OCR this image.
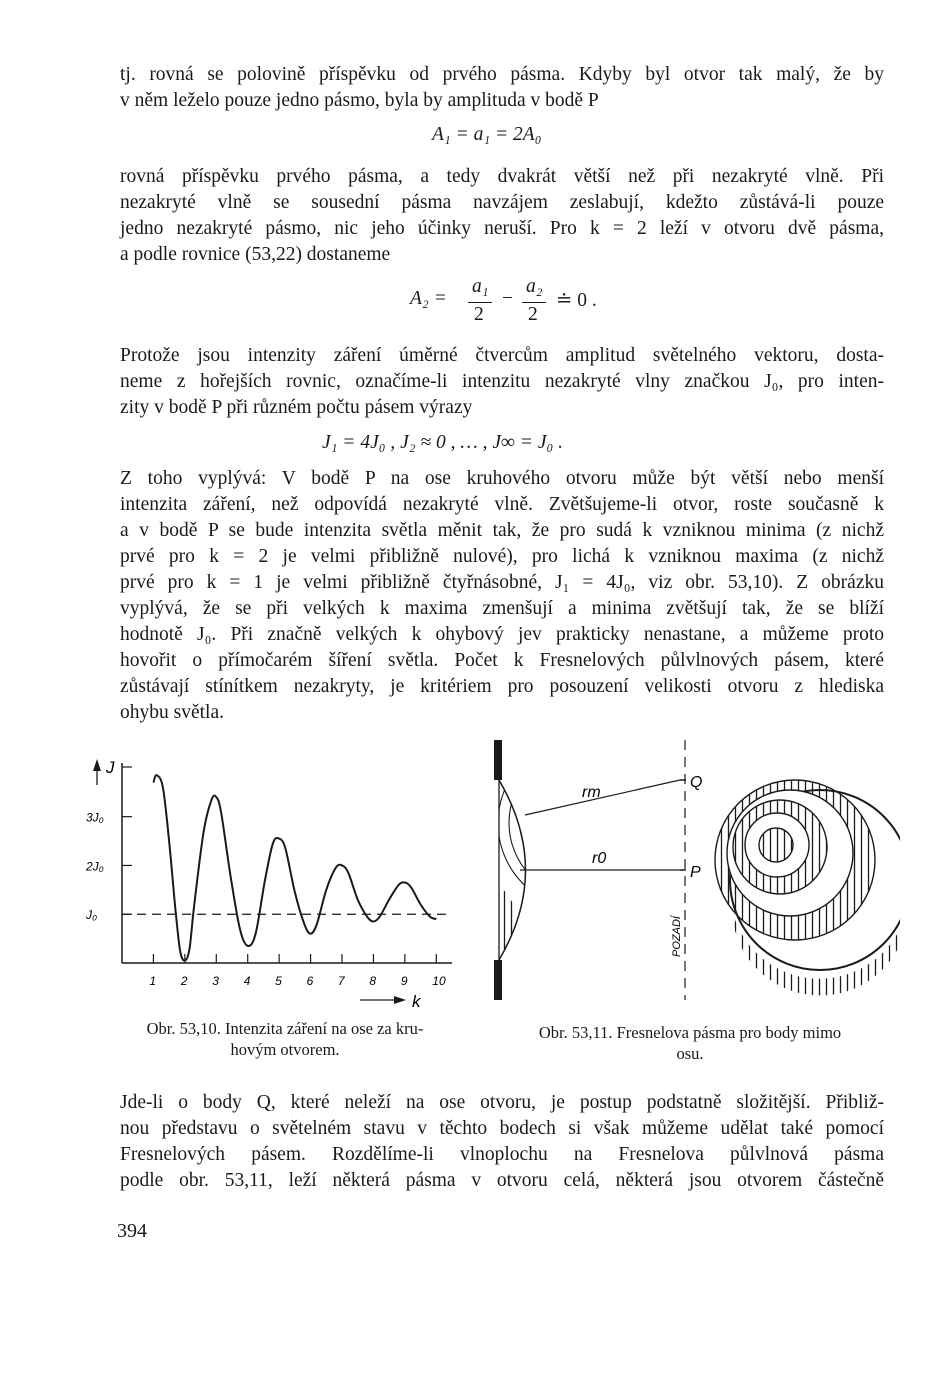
tj. rovná se polovině příspěvku od prvého pásma. Kdyby byl otvor tak malý, že by
v něm leželo pouze jedno pásmo, byla by amplituda v bodě P
A₁ = a₁ = 2A₀
rovná příspěvku prvého pásma, a tedy dvakrát větší než při nezakryté vlně. Při
nezakryté vlně se sousední pásma navzájem zeslabují, kdežto zůstává-li pouze
jedno nezakryté pásmo, nic jeho účinky neruší. Pro k = 2 leží v otvoru dvě pásma,
a podle rovnice (53,22) dostaneme
A₂ =
a₁
2
−
a₂
2
≐ 0 .
Protože jsou intenzity záření úměrné čtvercům amplitud světelného vektoru, dosta-
neme z hořejších rovnic, označíme-li intenzitu nezakryté vlny značkou J₀, pro inten-
zity v bodě P při různém počtu pásem výrazy
J₁ = 4J₀ , J₂ ≈ 0 , … , J∞ = J₀ .
Z toho vyplývá: V bodě P na ose kruhového otvoru může být větší nebo menší
intenzita záření, než odpovídá nezakryté vlně. Zvětšujeme-li otvor, roste současně k
a v bodě P se bude intenzita světla měnit tak, že pro sudá k vzniknou minima (z nichž
prvé pro k = 2 je velmi přibližně nulové), pro lichá k vzniknou maxima (z nichž
prvé pro k = 1 je velmi přibližně čtyřnásobné, J₁ = 4J₀, viz obr. 53,10). Z obrázku
vyplývá, že se při velkých k maxima zmenšují a minima zvětšují tak, že se blíží
hodnotě J₀. Při značně velkých k ohybový jev prakticky nenastane, a můžeme proto
hovořit o přímočarém šíření světla. Počet k Fresnelových půlvlnových pásem, které
zůstávají stínítkem nezakryty, je kritériem pro posouzení velikosti otvoru z hlediska
ohybu světla.
J
J₀
2J₀
3J₀
1 2 3 4 5 6 7 8 9 10
k
rm
r0
Q
P
POZADÍ
Obr. 53,10. Intenzita záření na ose za kru-
hovým otvorem.
Obr. 53,11. Fresnelova pásma pro body mimo
osu.
Jde-li o body Q, které neleží na ose otvoru, je postup podstatně složitější. Přibliž-
nou představu o světelném stavu v těchto bodech si však můžeme udělat také pomocí
Fresnelových pásem. Rozdělíme-li vlnoplochu na Fresnelova půlvlnová pásma
podle obr. 53,11, leží některá pásma v otvoru celá, některá jsou otvorem částečně
394
